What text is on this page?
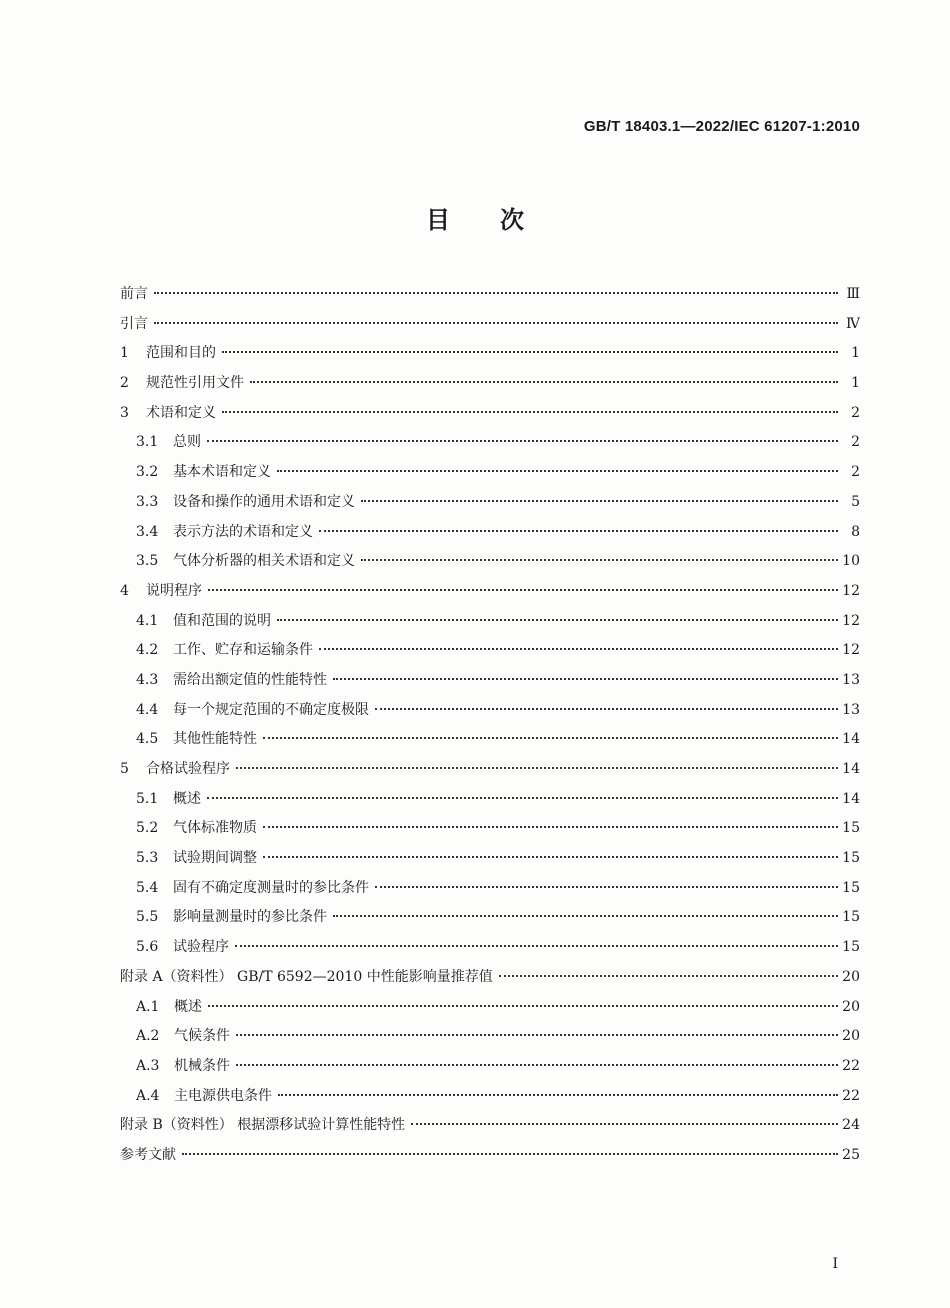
GB/T 18403.1—2022/IEC 61207-1:2010
目次
前言	Ⅲ
引言	Ⅳ
1	范围和目的	1
2	规范性引用文件	1
3	术语和定义	2
3.1	总则	2
3.2	基本术语和定义	2
3.3	设备和操作的通用术语和定义	5
3.4	表示方法的术语和定义	8
3.5	气体分析器的相关术语和定义	10
4	说明程序	12
4.1	值和范围的说明	12
4.2	工作、贮存和运输条件	12
4.3	需给出额定值的性能特性	13
4.4	每一个规定范围的不确定度极限	13
4.5	其他性能特性	14
5	合格试验程序	14
5.1	概述	14
5.2	气体标准物质	15
5.3	试验期间调整	15
5.4	固有不确定度测量时的参比条件	15
5.5	影响量测量时的参比条件	15
5.6	试验程序	15
附录 A（资料性） GB/T 6592—2010 中性能影响量推荐值	20
A.1	概述	20
A.2	气候条件	20
A.3	机械条件	22
A.4	主电源供电条件	22
附录 B（资料性） 根据漂移试验计算性能特性	24
参考文献	25
I
